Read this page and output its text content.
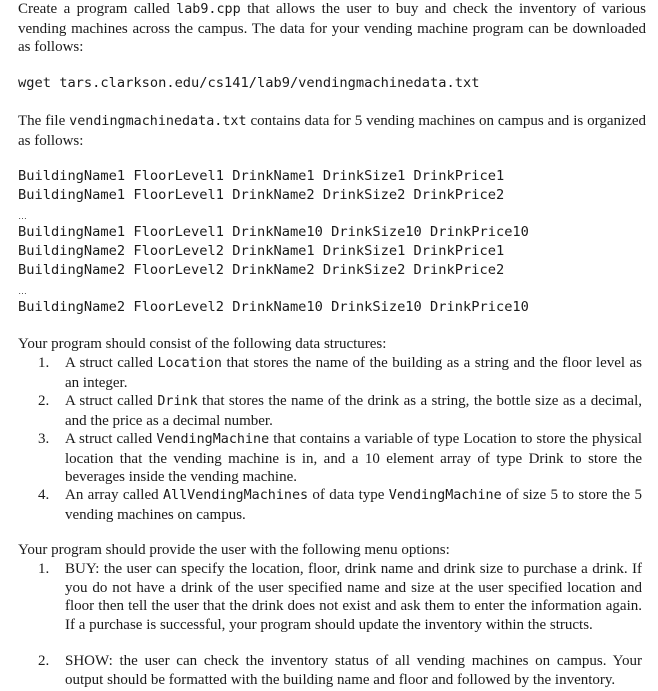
Create a program called lab9.cpp that allows the user to buy and check the inventory of various vending machines across the campus. The data for your vending machine program can be downloaded as follows:

wget tars.clarkson.edu/cs141/lab9/vendingmachinedata.txt

The file vendingmachinedata.txt contains data for 5 vending machines on campus and is organized as follows:

BuildingName1 FloorLevel1 DrinkName1 DrinkSize1 DrinkPrice1
BuildingName1 FloorLevel1 DrinkName2 DrinkSize2 DrinkPrice2
…
BuildingName1 FloorLevel1 DrinkName10 DrinkSize10 DrinkPrice10
BuildingName2 FloorLevel2 DrinkName1 DrinkSize1 DrinkPrice1
BuildingName2 FloorLevel2 DrinkName2 DrinkSize2 DrinkPrice2
…
BuildingName2 FloorLevel2 DrinkName10 DrinkSize10 DrinkPrice10

Your program should consist of the following data structures:

1. A struct called Location that stores the name of the building as a string and the floor level as an integer.
2. A struct called Drink that stores the name of the drink as a string, the bottle size as a decimal, and the price as a decimal number.
3. A struct called VendingMachine that contains a variable of type Location to store the physical location that the vending machine is in, and a 10 element array of type Drink to store the beverages inside the vending machine.
4. An array called AllVendingMachines of data type VendingMachine of size 5 to store the 5 vending machines on campus.

Your program should provide the user with the following menu options:

1. BUY: the user can specify the location, floor, drink name and drink size to purchase a drink. If you do not have a drink of the user specified name and size at the user specified location and floor then tell the user that the drink does not exist and ask them to enter the information again. If a purchase is successful, your program should update the inventory within the structs.
2. SHOW: the user can check the inventory status of all vending machines on campus. Your output should be formatted with the building name and floor and followed by the inventory.
